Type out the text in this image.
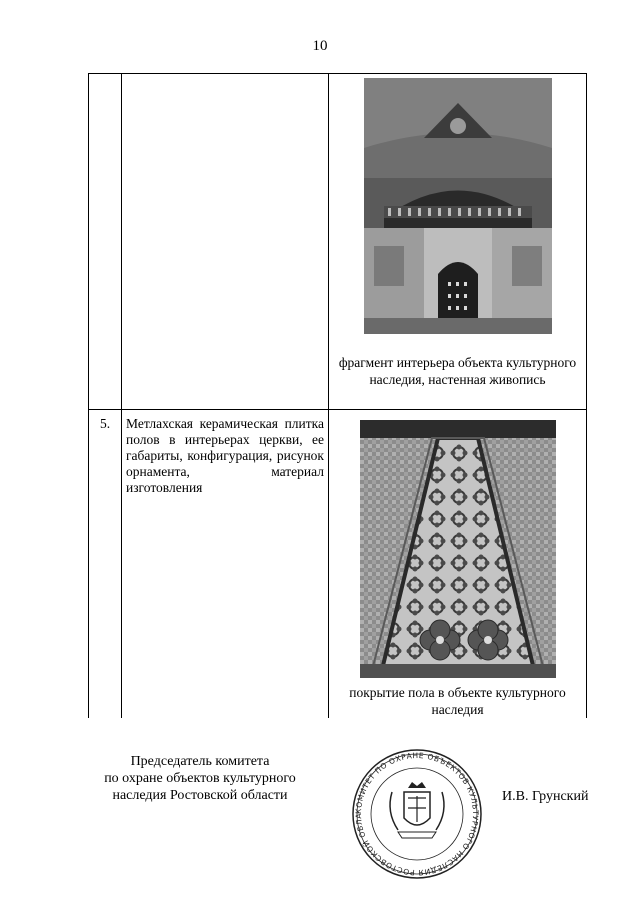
10

		фрагмент интерьера объекта культурного наследия, настенная живопись

5.	Метлахская керамическая плитка полов в интерьерах церкви, ее габариты, конфигурация, рисунок орнамента, материал изготовления	покрытие пола в объекте культурного наследия
Председатель комитета
по охране объектов культурного
наследия Ростовской области
КОМИТЕТ ПО ОХРАНЕ ОБЪЕКТОВ КУЛЬТУРНОГО НАСЛЕДИЯ РОСТОВСКОЙ ОБЛА
И.В. Грунский
